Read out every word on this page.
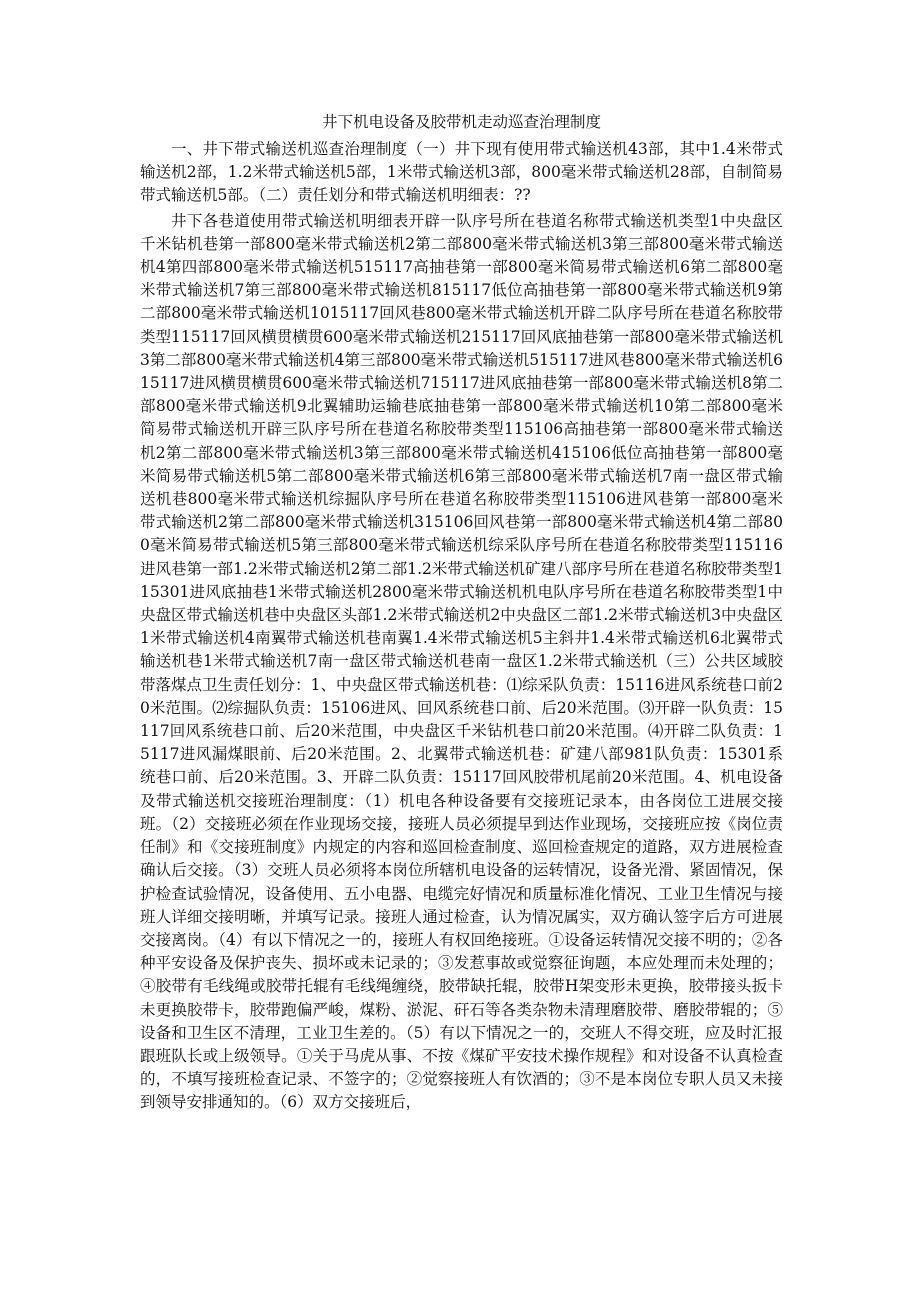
井下机电设备及胶带机走动巡查治理制度

一、井下带式输送机巡查治理制度（一）井下现有使用带式输送机43部，其中1.4米带式输送机2部，1.2米带式输送机5部，1米带式输送机3部，800毫米带式输送机28部，自制简易带式输送机5部。（二）责任划分和带式输送机明细表：??

井下各巷道使用带式输送机明细表开辟一队序号所在巷道名称带式输送机类型1中央盘区千米钻机巷第一部800毫米带式输送机2第二部800毫米带式输送机3第三部800毫米带式输送机4第四部800毫米带式输送机515117高抽巷第一部800毫米简易带式输送机6第二部800毫米带式输送机7第三部800毫米带式输送机815117低位高抽巷第一部800毫米带式输送机9第二部800毫米带式输送机1015117回风巷800毫米带式输送机开辟二队序号所在巷道名称胶带类型115117回风横贯横贯600毫米带式输送机215117回风底抽巷第一部800毫米带式输送机3第二部800毫米带式输送机4第三部800毫米带式输送机515117进风巷800毫米带式输送机615117进风横贯横贯600毫米带式输送机715117进风底抽巷第一部800毫米带式输送机8第二部800毫米带式输送机9北翼辅助运输巷底抽巷第一部800毫米带式输送机10第二部800毫米简易带式输送机开辟三队序号所在巷道名称胶带类型115106高抽巷第一部800毫米带式输送机2第二部800毫米带式输送机3第三部800毫米带式输送机415106低位高抽巷第一部800毫米简易带式输送机5第二部800毫米带式输送机6第三部800毫米带式输送机7南一盘区带式输送机巷800毫米带式输送机综掘队序号所在巷道名称胶带类型115106进风巷第一部800毫米带式输送机2第二部800毫米带式输送机315106回风巷第一部800毫米带式输送机4第二部800毫米简易带式输送机5第三部800毫米带式输送机综采队序号所在巷道名称胶带类型115116进风巷第一部1.2米带式输送机2第二部1.2米带式输送机矿建八部序号所在巷道名称胶带类型115301进风底抽巷1米带式输送机2800毫米带式输送机机电队序号所在巷道名称胶带类型1中央盘区带式输送机巷中央盘区头部1.2米带式输送机2中央盘区二部1.2米带式输送机3中央盘区1米带式输送机4南翼带式输送机巷南翼1.4米带式输送机5主斜井1.4米带式输送机6北翼带式输送机巷1米带式输送机7南一盘区带式输送机巷南一盘区1.2米带式输送机（三）公共区域胶带落煤点卫生责任划分：1、中央盘区带式输送机巷：⑴综采队负责：15116进风系统巷口前20米范围。⑵综掘队负责：15106进风、回风系统巷口前、后20米范围。⑶开辟一队负责：15117回风系统巷口前、后20米范围，中央盘区千米钻机巷口前20米范围。⑷开辟二队负责：15117进风漏煤眼前、后20米范围。2、北翼带式输送机巷：矿建八部981队负责：15301系统巷口前、后20米范围。3、开辟二队负责：15117回风胶带机尾前20米范围。4、机电设备及带式输送机交接班治理制度：（1）机电各种设备要有交接班记录本，由各岗位工进展交接班。（2）交接班必须在作业现场交接，接班人员必须提早到达作业现场，交接班应按《岗位责任制》和《交接班制度》内规定的内容和巡回检查制度、巡回检查规定的道路，双方进展检查确认后交接。（3）交班人员必须将本岗位所辖机电设备的运转情况，设备光滑、紧固情况，保护检查试验情况，设备使用、五小电器、电缆完好情况和质量标准化情况、工业卫生情况与接班人详细交接明晰，并填写记录。接班人通过检查，认为情况属实，双方确认签字后方可进展交接离岗。（4）有以下情况之一的，接班人有权回绝接班。①设备运转情况交接不明的；②各种平安设备及保护丧失、损坏或未记录的；③发惹事故或觉察征询题，本应处理而未处理的；④胶带有毛线绳或胶带托辊有毛线绳缠绕，胶带缺托辊，胶带H架变形未更换，胶带接头扳卡未更换胶带卡，胶带跑偏严峻，煤粉、淤泥、矸石等各类杂物未清理磨胶带、磨胶带辊的；⑤设备和卫生区不清理，工业卫生差的。（5）有以下情况之一的，交班人不得交班，应及时汇报跟班队长或上级领导。①关于马虎从事、不按《煤矿平安技术操作规程》和对设备不认真检查的，不填写接班检查记录、不签字的；②觉察接班人有饮酒的；③不是本岗位专职人员又未接到领导安排通知的。（6）双方交接班后，
